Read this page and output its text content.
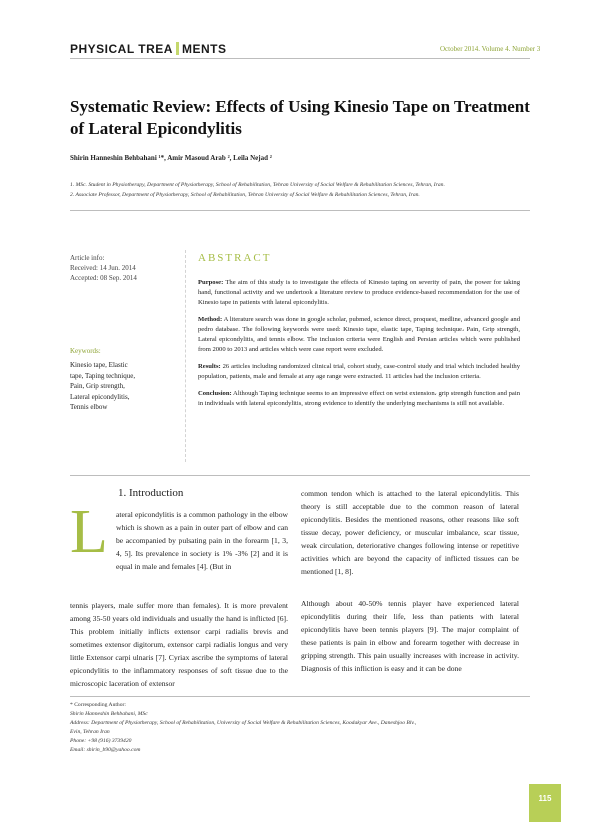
PHYSICAL TREA MENTS	October 2014. Volume 4. Number 3
Systematic Review: Effects of Using Kinesio Tape on Treatment of Lateral Epicondylitis
Shirin Hanneshin Behbahani ¹*, Amir Masoud Arab ², Leila Nejad ²
1. MSc. Student in Physiotherapy, Department of Physiotherapy, School of Rehabilitation, Tehran University of Social Welfare & Rehabilitation Sciences, Tehran, Iran.
2. Associate Professor, Department of Physiotherapy, School of Rehabilitation, Tehran University of Social Welfare & Rehabilitation Sciences, Tehran, Iran.
Article info:
Received: 14 Jun. 2014
Accepted: 08 Sep. 2014
Keywords:
Kinesio tape, Elastic
tape, Taping technique,
Pain, Grip strength,
Lateral epicondylitis,
Tennis elbow
ABSTRACT

Purpose: The aim of this study is to investigate the effects of Kinesio taping on severity of pain, the power for taking hand, functional activity and we undertook a literature review to produce evidence-based recommendation for the use of Kinesio tape in patients with lateral epicondylitis.

Method: A literature search was done in google scholar, pubmed, science direct, proquest, medline, advanced google and pedro database. The following keywords were used: Kinesio tape, elastic tape, Taping technique، Pain, Grip strength, Lateral epicondylitis, and tennis elbow. The inclusion criteria were English and Persian articles which were published from 2000 to 2013 and articles which were case report were excluded.

Results: 26 articles including randomized clinical trial, cohort study, case-control study and trial which included healthy population, patients, male and female at any age range were extracted. 11 articles had the inclusion criteria.

Conclusion: Although Taping technique seems to an impressive effect on wrist extension، grip strength function and pain in individuals with lateral epicondylitis, strong evidence to identify the underlying mechanisms is still not available.

1. Introduction
L ateral epicondylitis is a common pathology in the elbow which is shown as a pain in outer part of elbow and can be accompanied by pulsating pain in the forearm [1, 3, 4, 5]. Its prevalence in society is 1% -3% [2] and it is equal in male and females [4]. (But in
tennis players, male suffer more than females). It is more prevalent among 35-50 years old individuals and usually the hand is inflicted [6]. This problem initially inflicts extensor carpi radialis brevis and sometimes extensor digitorum, extensor carpi radialis longus and very little Extensor carpi ulnaris [7]. Cyriax ascribe the symptoms of lateral epicondylitis to the inflammatory responses of soft tissue due to the microscopic laceration of extensor
common tendon which is attached to the lateral epicondylitis. This theory is still acceptable due to the common reason of lateral epicondylitis. Besides the mentioned reasons, other reasons like soft tissue decay, power deficiency, or muscular imbalance, scar tissue, weak circulation, deteriorative changes following intense or repetitive activities which are beyond the capacity of inflicted tissues can be mentioned [1, 8].
Although about 40-50% tennis player have experienced lateral epicondylitis during their life, less than patients with lateral epicondylitis have been tennis players [9]. The major complaint of these patients is pain in elbow and forearm together with decrease in gripping strength. This pain usually increases with increase in activity. Diagnosis of this infliction is easy and it can be done
* Corresponding Author:
Shirin Hanneshin Behbahani, MSc
Address: Department of Physiotherapy, School of Rehabilitation, University of Social Welfare & Rehabilitation Sciences, Koodakyar Ave., Daneshjoo Blv.,
Evin, Tehran Iran
Phone: +98 (916) 3739420
Email: shirin_b90@yahoo.com
115
